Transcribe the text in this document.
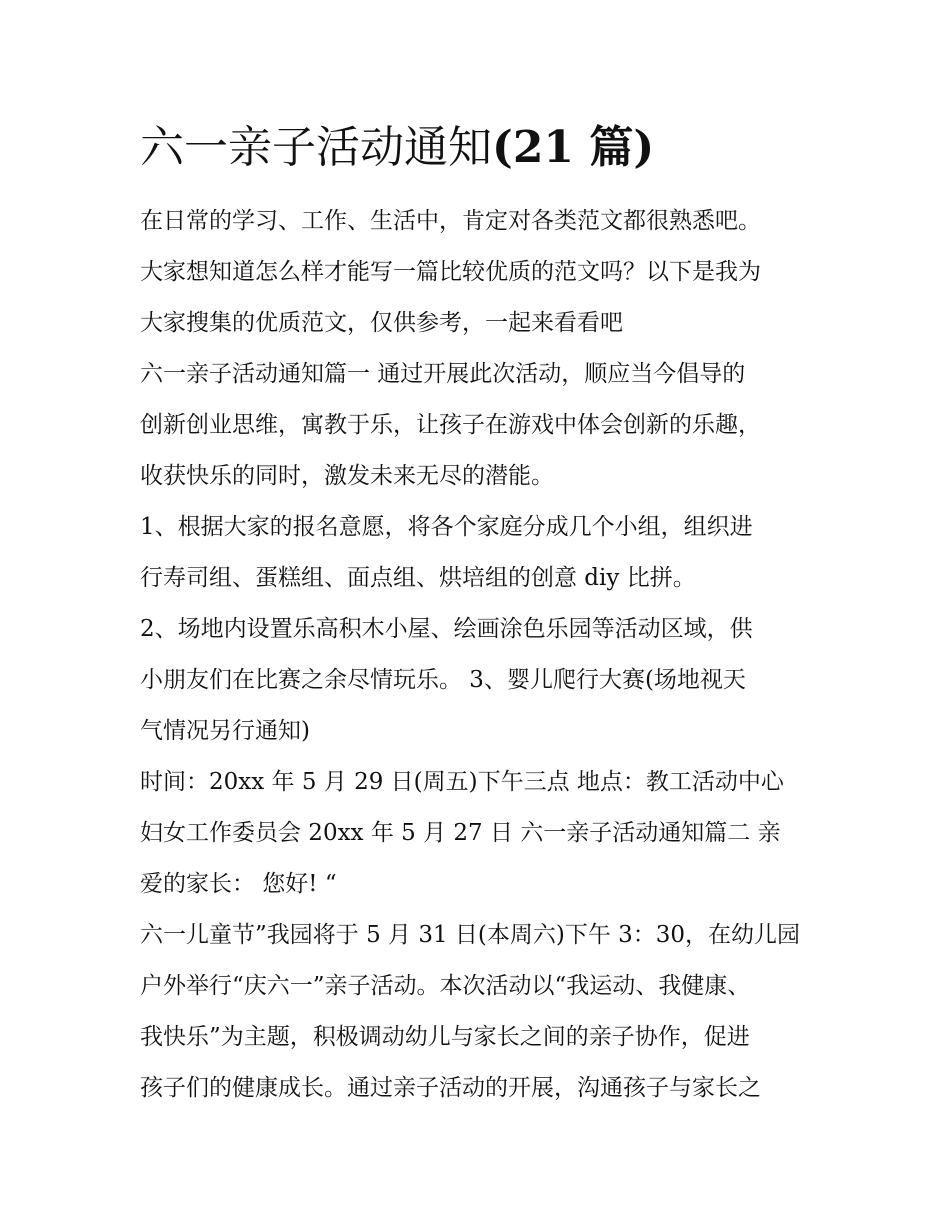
六一亲子活动通知(21 篇)
在日常的学习、工作、生活中，肯定对各类范文都很熟悉吧。
大家想知道怎么样才能写一篇比较优质的范文吗？以下是我为
大家搜集的优质范文，仅供参考，一起来看看吧
六一亲子活动通知篇一 通过开展此次活动，顺应当今倡导的
创新创业思维，寓教于乐，让孩子在游戏中体会创新的乐趣，
收获快乐的同时，激发未来无尽的潜能。
1、根据大家的报名意愿，将各个家庭分成几个小组，组织进
行寿司组、蛋糕组、面点组、烘培组的创意 diy 比拼。
2、场地内设置乐高积木小屋、绘画涂色乐园等活动区域，供
小朋友们在比赛之余尽情玩乐。 3、婴儿爬行大赛(场地视天
气情况另行通知)
时间：20xx 年 5 月 29 日(周五)下午三点 地点：教工活动中心
妇女工作委员会 20xx 年 5 月 27 日 六一亲子活动通知篇二 亲
爱的家长： 您好! “
六一儿童节”我园将于 5 月 31 日(本周六)下午 3：30，在幼儿园
户外举行“庆六一”亲子活动。本次活动以“我运动、我健康、
我快乐”为主题，积极调动幼儿与家长之间的亲子协作，促进
孩子们的健康成长。通过亲子活动的开展，沟通孩子与家长之
